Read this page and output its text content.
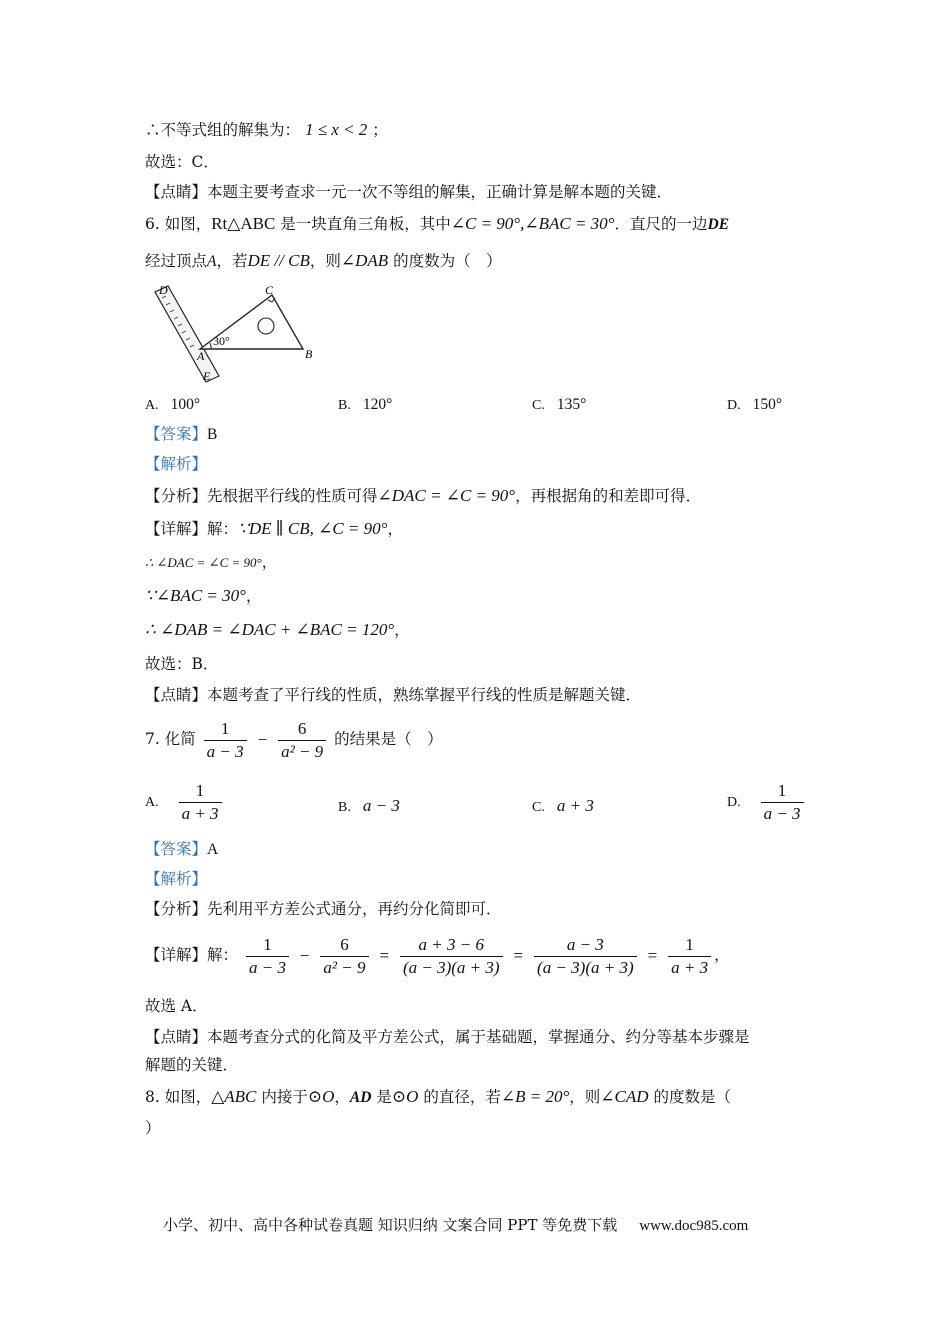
∴不等式组的解集为： 1 ≤ x < 2 ；
故选：C．
【点睛】本题主要考查求一元一次不等组的解集，正确计算是解本题的关键．
6. 如图，Rt△ABC 是一块直角三角板，其中∠C = 90°,∠BAC = 30°．直尺的一边DE
经过顶点A，若DE // CB，则∠DAB 的度数为（　）
30°
D	C
A	B
E
A. 100°	B. 120°	C. 135°	D. 150°
【答案】B
【解析】
【分析】先根据平行线的性质可得∠DAC = ∠C = 90°，再根据角的和差即可得．
【详解】解：∵DE ∥ CB, ∠C = 90°，
∴ ∠DAC = ∠C = 90°，
∵∠BAC = 30°，
∴ ∠DAB = ∠DAC + ∠BAC = 120°，
故选：B．
【点睛】本题考查了平行线的性质，熟练掌握平行线的性质是解题关键．
7. 化简 $\frac{1}{a - 3} - \frac{6}{\text{a² − 9}}$ 的结果是（　）
A. $\frac{1}{a + 3}$	B. a − 3	C. a + 3	D. $\frac{1}{a - 3}$
【答案】A
【解析】
【分析】先利用平方差公式通分，再约分化简即可．
【详解】解： $\frac{1}{a - 3} - \frac{6}{\text{a² − 9}} = \frac{a + 3 - 6}{(a - 3)(a + 3)} = \frac{a - 3}{(a - 3)(a + 3)} = \frac{1}{a + 3}$ ，
故选 A．
【点睛】本题考查分式的化简及平方差公式，属于基础题，掌握通分、约分等基本步骤是
解题的关键．
8. 如图，△ABC 内接于⊙O，AD 是⊙O 的直径，若∠B = 20°，则∠CAD 的度数是（
）
小学、初中、高中各种试卷真题 知识归纳 文案合同 PPT 等免费下载 www.doc985.com
